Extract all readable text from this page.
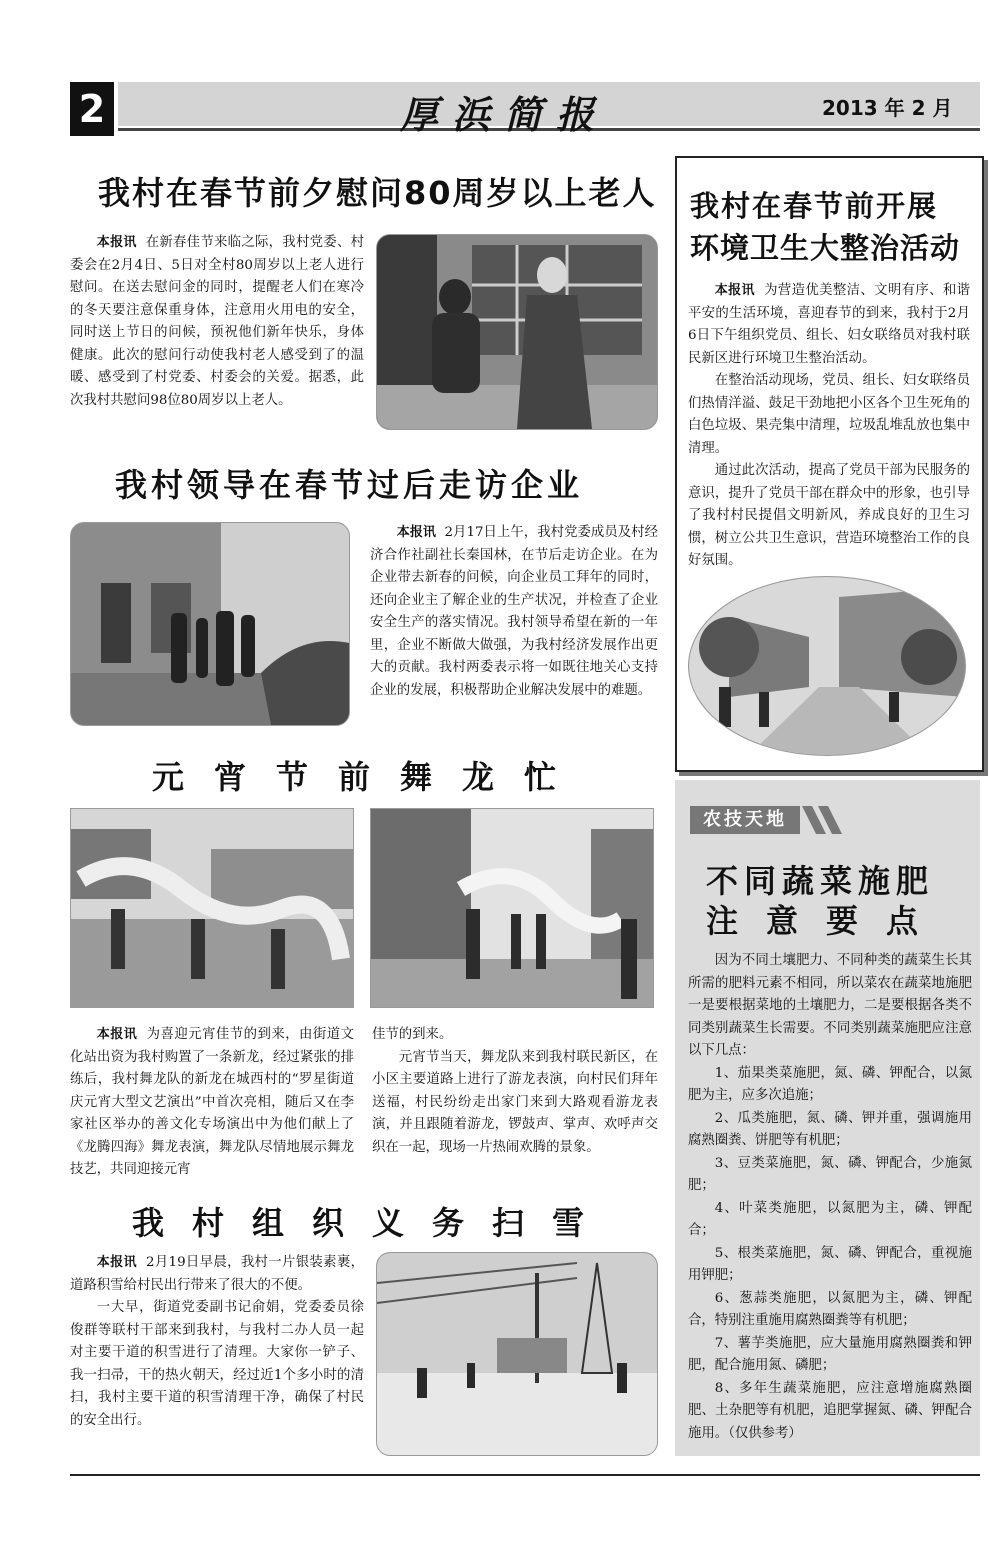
2	厚浜简报	2013 年 2 月
我村在春节前夕慰问80周岁以上老人

本报讯 在新春佳节来临之际，我村党委、村委会在2月4日、5日对全村80周岁以上老人进行慰问。在送去慰问金的同时，提醒老人们在寒冷的冬天要注意保重身体，注意用火用电的安全，同时送上节日的问候，预祝他们新年快乐，身体健康。此次的慰问行动使我村老人感受到了的温暖、感受到了村党委、村委会的关爱。据悉，此次我村共慰问98位80周岁以上老人。

我村领导在春节过后走访企业

本报讯 2月17日上午，我村党委成员及村经济合作社副社长秦国林，在节后走访企业。在为企业带去新春的问候，向企业员工拜年的同时，还向企业主了解企业的生产状况，并检查了企业安全生产的落实情况。我村领导希望在新的一年里，企业不断做大做强，为我村经济发展作出更大的贡献。我村两委表示将一如既往地关心支持企业的发展，积极帮助企业解决发展中的难题。

元宵节前舞龙忙

本报讯 为喜迎元宵佳节的到来，由街道文化站出资为我村购置了一条新龙，经过紧张的排练后，我村舞龙队的新龙在城西村的“罗星街道庆元宵大型文艺演出”中首次亮相，随后又在李家社区举办的善文化专场演出中为他们献上了《龙腾四海》舞龙表演，舞龙队尽情地展示舞龙技艺，共同迎接元宵

佳节的到来。

元宵节当天，舞龙队来到我村联民新区，在小区主要道路上进行了游龙表演，向村民们拜年送福，村民纷纷走出家门来到大路观看游龙表演，并且跟随着游龙，锣鼓声、掌声、欢呼声交织在一起，现场一片热闹欢腾的景象。

我村组织义务扫雪

本报讯 2月19日早晨，我村一片银装素裹，道路积雪给村民出行带来了很大的不便。

一大早，街道党委副书记俞娟，党委委员徐俊群等联村干部来到我村，与我村二办人员一起对主要干道的积雪进行了清理。大家你一铲子、我一扫帚，干的热火朝天，经过近1个多小时的清扫，我村主要干道的积雪清理干净，确保了村民的安全出行。

我村在春节前开展
环境卫生大整治活动

本报讯 为营造优美整洁、文明有序、和谐平安的生活环境，喜迎春节的到来，我村于2月6日下午组织党员、组长、妇女联络员对我村联民新区进行环境卫生整治活动。

在整治活动现场，党员、组长、妇女联络员们热情洋溢、鼓足干劲地把小区各个卫生死角的白色垃圾、果壳集中清理，垃圾乱堆乱放也集中清理。

通过此次活动，提高了党员干部为民服务的意识，提升了党员干部在群众中的形象，也引导了我村村民提倡文明新风，养成良好的卫生习惯，树立公共卫生意识，营造环境整治工作的良好氛围。

农技天地
不同蔬菜施肥
注意要点

因为不同土壤肥力、不同种类的蔬菜生长其所需的肥料元素不相同，所以菜农在蔬菜地施肥一是要根据菜地的土壤肥力，二是要根据各类不同类别蔬菜生长需要。不同类别蔬菜施肥应注意以下几点：

1、茄果类菜施肥，氮、磷、钾配合，以氮肥为主，应多次追施；

2、瓜类施肥，氮、磷、钾并重，强调施用腐熟圈粪、饼肥等有机肥；

3、豆类菜施肥，氮、磷、钾配合，少施氮肥；

4、叶菜类施肥，以氮肥为主，磷、钾配合；

5、根类菜施肥，氮、磷、钾配合，重视施用钾肥；

6、葱蒜类施肥，以氮肥为主，磷、钾配合，特别注重施用腐熟圈粪等有机肥；

7、薯芋类施肥，应大量施用腐熟圈粪和钾肥，配合施用氮、磷肥；

8、多年生蔬菜施肥，应注意增施腐熟圈肥、土杂肥等有机肥，追肥掌握氮、磷、钾配合施用。（仅供参考）
